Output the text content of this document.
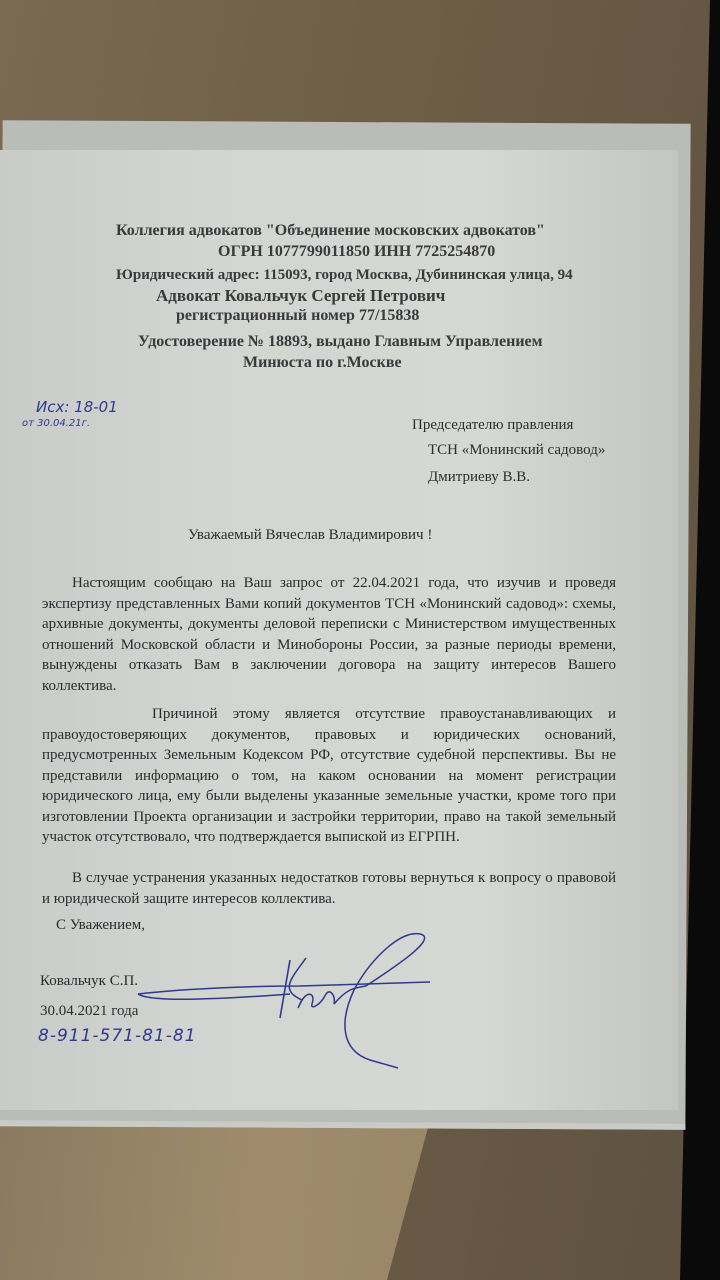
Коллегия адвокатов "Объединение московских адвокатов"
ОГРН 1077799011850 ИНН 7725254870
Юридический адрес: 115093, город Москва, Дубининская улица, 94
Адвокат Ковальчук Сергей Петрович
регистрационный номер 77/15838
Удостоверение № 18893, выдано Главным Управлением
Минюста по г.Москве
Исх: 18-01
от 30.04.21г.	Председателю правления
ТСН «Монинский садовод»
Дмитриеву В.В.
Уважаемый Вячеслав Владимирович !
Настоящим сообщаю на Ваш запрос от 22.04.2021 года, что изучив и проведя экспертизу представленных Вами копий документов ТСН «Монинский садовод»: схемы, архивные документы, документы деловой переписки с Министерством имущественных отношений Московской области и Минобороны России, за разные периоды времени, вынуждены отказать Вам в заключении договора на защиту интересов Вашего коллектива.
Причиной этому является отсутствие правоустанавливающих и правоудостоверяющих документов, правовых и юридических оснований, предусмотренных Земельным Кодексом РФ, отсутствие судебной перспективы. Вы не представили информацию о том, на каком основании на момент регистрации юридического лица, ему были выделены указанные земельные участки, кроме того при изготовлении Проекта организации и застройки территории, право на такой земельный участок отсутствовало, что подтверждается выпиской из ЕГРПН.
В случае устранения указанных недостатков готовы вернуться к вопросу о правовой и юридической защите интересов коллектива.
С Уважением,
Ковальчук С.П.
30.04.2021 года
8-911-571-81-81
